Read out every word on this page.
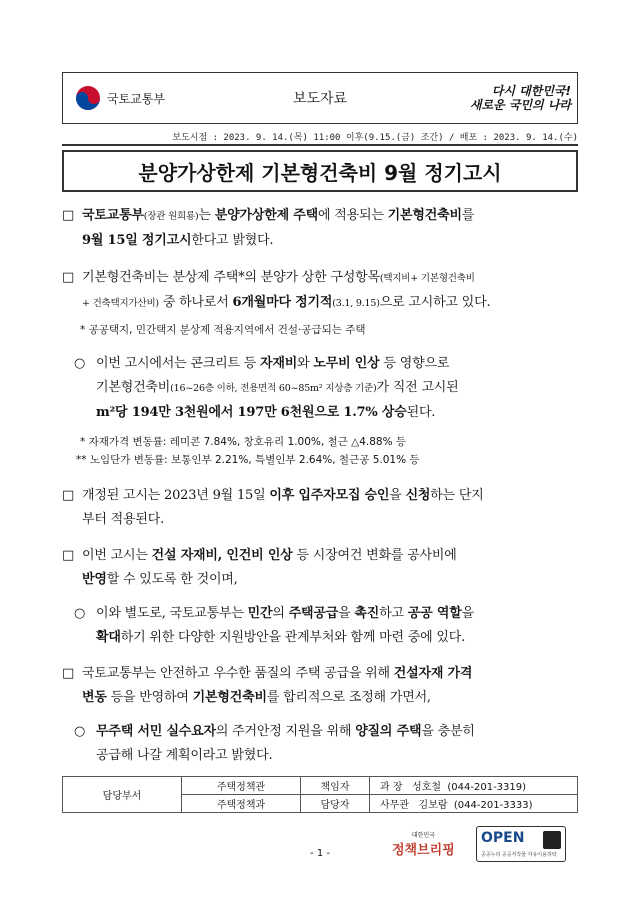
국토교통부	보도자료	다시 대한민국!
새로운 국민의 나라
보도시점 : 2023. 9. 14.(목) 11:00 이후(9.15.(금) 조간) / 배포 : 2023. 9. 14.(수)
분양가상한제 기본형건축비 9월 정기고시
□ 국토교통부(장관 원희룡)는 분양가상한제 주택에 적용되는 기본형건축비를
9월 15일 정기고시한다고 밝혔다.
□ 기본형건축비는 분상제 주택*의 분양가 상한 구성항목(택지비+ 기본형건축비
+ 건축택지가산비) 중 하나로서 6개월마다 정기적(3.1, 9.15)으로 고시하고 있다.
* 공공택지, 민간택지 분상제 적용지역에서 건설·공급되는 주택
○ 이번 고시에서는 콘크리트 등 자재비와 노무비 인상 등 영향으로
기본형건축비(16~26층 이하, 전용면적 60~85m² 지상층 기준)가 직전 고시된
m²당 194만 3천원에서 197만 6천원으로 1.7% 상승된다.
* 자재가격 변동률: 레미콘 7.84%, 창호유리 1.00%, 철근 △4.88% 등
** 노임단가 변동률: 보통인부 2.21%, 특별인부 2.64%, 철근공 5.01% 등
□ 개정된 고시는 2023년 9월 15일 이후 입주자모집 승인을 신청하는 단지
부터 적용된다.
□ 이번 고시는 건설 자재비, 인건비 인상 등 시장여건 변화를 공사비에
반영할 수 있도록 한 것이며,
○ 이와 별도로, 국토교통부는 민간의 주택공급을 촉진하고 공공 역할을
확대하기 위한 다양한 지원방안을 관계부처와 함께 마련 중에 있다.
□ 국토교통부는 안전하고 우수한 품질의 주택 공급을 위해 건설자재 가격
변동 등을 반영하여 기본형건축비를 합리적으로 조정해 가면서,
○ 무주택 서민 실수요자의 주거안정 지원을 위해 양질의 주택을 충분히
공급해 나갈 계획이라고 밝혔다.
담당부서	주택정책관	책임자	과 장 성호철 (044-201-3319)
	주택정책과	담당자	사무관 김보람 (044-201-3333)
- 1 -
대한민국
정책브리핑
OPEN
공공누리 공공저작물 자유이용허락
